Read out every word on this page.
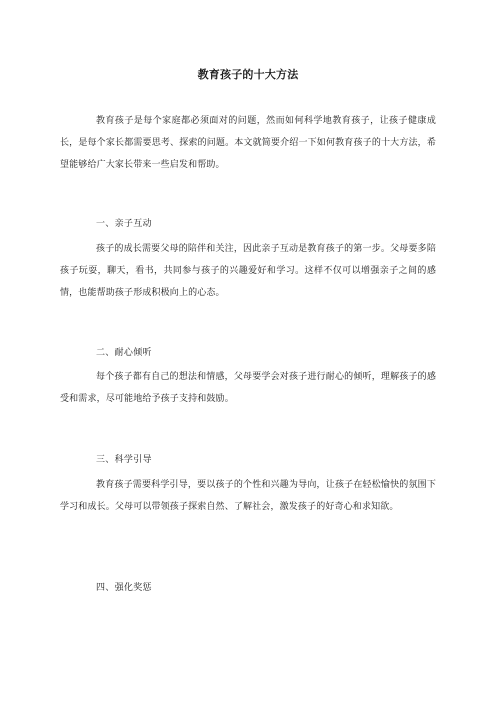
教育孩子的十大方法
教育孩子是每个家庭都必须面对的问题，然而如何科学地教育孩子，让孩子健康成长，是每个家长都需要思考、探索的问题。本文就简要介绍一下如何教育孩子的十大方法，希望能够给广大家长带来一些启发和帮助。
一、亲子互动
孩子的成长需要父母的陪伴和关注，因此亲子互动是教育孩子的第一步。父母要多陪孩子玩耍，聊天，看书，共同参与孩子的兴趣爱好和学习。这样不仅可以增强亲子之间的感情，也能帮助孩子形成积极向上的心态。
二、耐心倾听
每个孩子都有自己的想法和情感，父母要学会对孩子进行耐心的倾听，理解孩子的感受和需求，尽可能地给予孩子支持和鼓励。
三、科学引导
教育孩子需要科学引导，要以孩子的个性和兴趣为导向，让孩子在轻松愉快的氛围下学习和成长。父母可以带领孩子探索自然、了解社会，激发孩子的好奇心和求知欲。
四、强化奖惩
